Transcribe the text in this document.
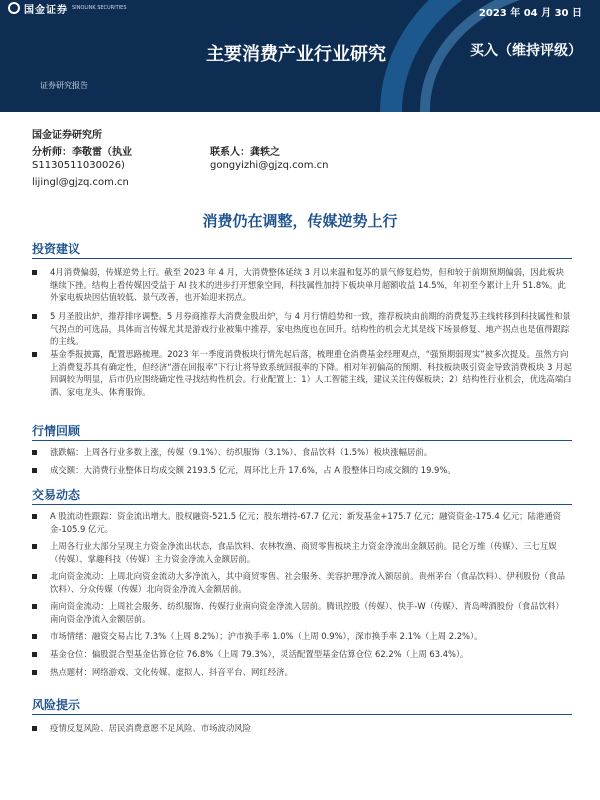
国金证券 SINOLINK SECURITIES	2023 年 04 月 30 日
主要消费产业行业研究	买入（维持评级）
证券研究报告
国金证券研究所
分析师：李敬雷（执业
S1130511030026)
lijingl@gjzq.com.cn
联系人：龚轶之
gongyizhi@gjzq.com.cn
消费仍在调整，传媒逆势上行
投资建议
4月消费偏弱，传媒逆势上行。截至 2023 年 4 月，大消费整体延续 3 月以来温和复苏的景气修复趋势，但和较于前期预期偏弱，因此板块继续下挫。结构上看传媒因受益于 AI 技术的进步打开想象空间，科技属性加持下板块单月超额收益 14.5%，年初至今累计上升 51.8%。此外家电板块因估值较低、景气改善，也开始迎来拐点。
5 月圣股出炉，推荐排序调整。5 月券商推荐大消费金股出炉，与 4 月行情趋势和一致，推荐板块由前期的消费复苏主线转移到科技属性和景气拐点的可选品，具体而言传媒尤其是游戏行业被集中推荐，家电热度也在回升。结构性的机会尤其是线下场景修复、地产拐点也是值得跟踪的主线。
基金季报披露，配置思路梳理。2023 年一季度消费板块行情先起后落，梳理重仓消费基金经理观点，“强预期弱现实”被多次提及。虽然方向上消费复苏具有确定性，但经济“潜在回报率”下行让将导致系统回报率的下降。相对年初偏高的预期、科技板块吸引资金导致消费板块 3 月起回调较为明显，后市仍应围绕确定性寻找结构性机会。行业配置上：1）人工智能主线，建议关注传媒板块；2）结构性行业机会，优选高端白酒、家电龙头、体育服饰。
行情回顾
涨跌幅：上周各行业多数上涨，传媒（9.1%）、纺织服饰（3.1%）、食品饮料（1.5%）板块涨幅居前。
成交额：大消费行业整体日均成交额 2193.5 亿元，周环比上升 17.6%，占 A 股整体日均成交额的 19.9%。
交易动态
A 股流动性跟踪：资金流出增大。股权融资-521.5 亿元；股东增持-67.7 亿元；新发基金+175.7 亿元；融资资金-175.4 亿元；陆港通资金-105.9 亿元。
上周各行业大部分呈现主力资金净流出状态，食品饮料、农林牧渔、商贸零售板块主力资金净流出金额居前。昆仑万维（传媒）、三七互娱（传媒）、掌趣科技（传媒）主力资金净流入金额居前。
北向资金流动：上周北向资金流动大多净流入，其中商贸零售、社会服务、美容护理净流入额居前。贵州茅台（食品饮料）、伊利股份（食品饮料）、分众传媒（传媒）北向资金净流入金额居前。
南向资金流动：上周社会服务、纺织服饰、传媒行业南向资金净流入居前。腾讯控股（传媒）、快手-W（传媒）、青岛啤酒股份（食品饮料）南向资金净流入金额居前。
市场情绪：融资交易占比 7.3%（上周 8.2%）；沪市换手率 1.0%（上周 0.9%），深市换手率 2.1%（上周 2.2%）。
基金仓位：偏股混合型基金估算仓位 76.8%（上周 79.3%），灵活配置型基金估算仓位 62.2%（上周 63.4%）。
热点题材：网络游戏、文化传媒、虚拟人、抖音平台、网红经济。
风险提示
疫情反复风险、居民消费意愿不足风险、市场波动风险
